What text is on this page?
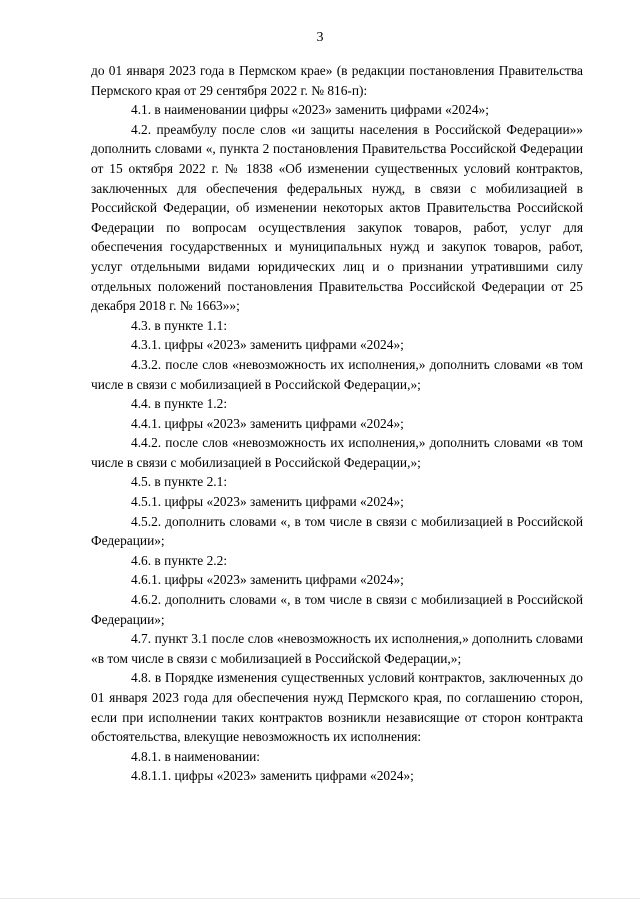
3

до 01 января 2023 года в Пермском крае» (в редакции постановления Правительства Пермского края от 29 сентября 2022 г. № 816-п):

4.1. в наименовании цифры «2023» заменить цифрами «2024»;

4.2. преамбулу после слов «и защиты населения в Российской Федерации»» дополнить словами «, пункта 2 постановления Правительства Российской Федерации от 15 октября 2022 г. № 1838 «Об изменении существенных условий контрактов, заключенных для обеспечения федеральных нужд, в связи с мобилизацией в Российской Федерации, об изменении некоторых актов Правительства Российской Федерации по вопросам осуществления закупок товаров, работ, услуг для обеспечения государственных и муниципальных нужд и закупок товаров, работ, услуг отдельными видами юридических лиц и о признании утратившими силу отдельных положений постановления Правительства Российской Федерации от 25 декабря 2018 г. № 1663»»;

4.3. в пункте 1.1:

4.3.1. цифры «2023» заменить цифрами «2024»;

4.3.2. после слов «невозможность их исполнения,» дополнить словами «в том числе в связи с мобилизацией в Российской Федерации,»;

4.4. в пункте 1.2:

4.4.1. цифры «2023» заменить цифрами «2024»;

4.4.2. после слов «невозможность их исполнения,» дополнить словами «в том числе в связи с мобилизацией в Российской Федерации,»;

4.5. в пункте 2.1:

4.5.1. цифры «2023» заменить цифрами «2024»;

4.5.2. дополнить словами «, в том числе в связи с мобилизацией в Российской Федерации»;

4.6. в пункте 2.2:

4.6.1. цифры «2023» заменить цифрами «2024»;

4.6.2. дополнить словами «, в том числе в связи с мобилизацией в Российской Федерации»;

4.7. пункт 3.1 после слов «невозможность их исполнения,» дополнить словами «в том числе в связи с мобилизацией в Российской Федерации,»;

4.8. в Порядке изменения существенных условий контрактов, заключенных до 01 января 2023 года для обеспечения нужд Пермского края, по соглашению сторон, если при исполнении таких контрактов возникли независящие от сторон контракта обстоятельства, влекущие невозможность их исполнения:

4.8.1. в наименовании:

4.8.1.1. цифры «2023» заменить цифрами «2024»;
